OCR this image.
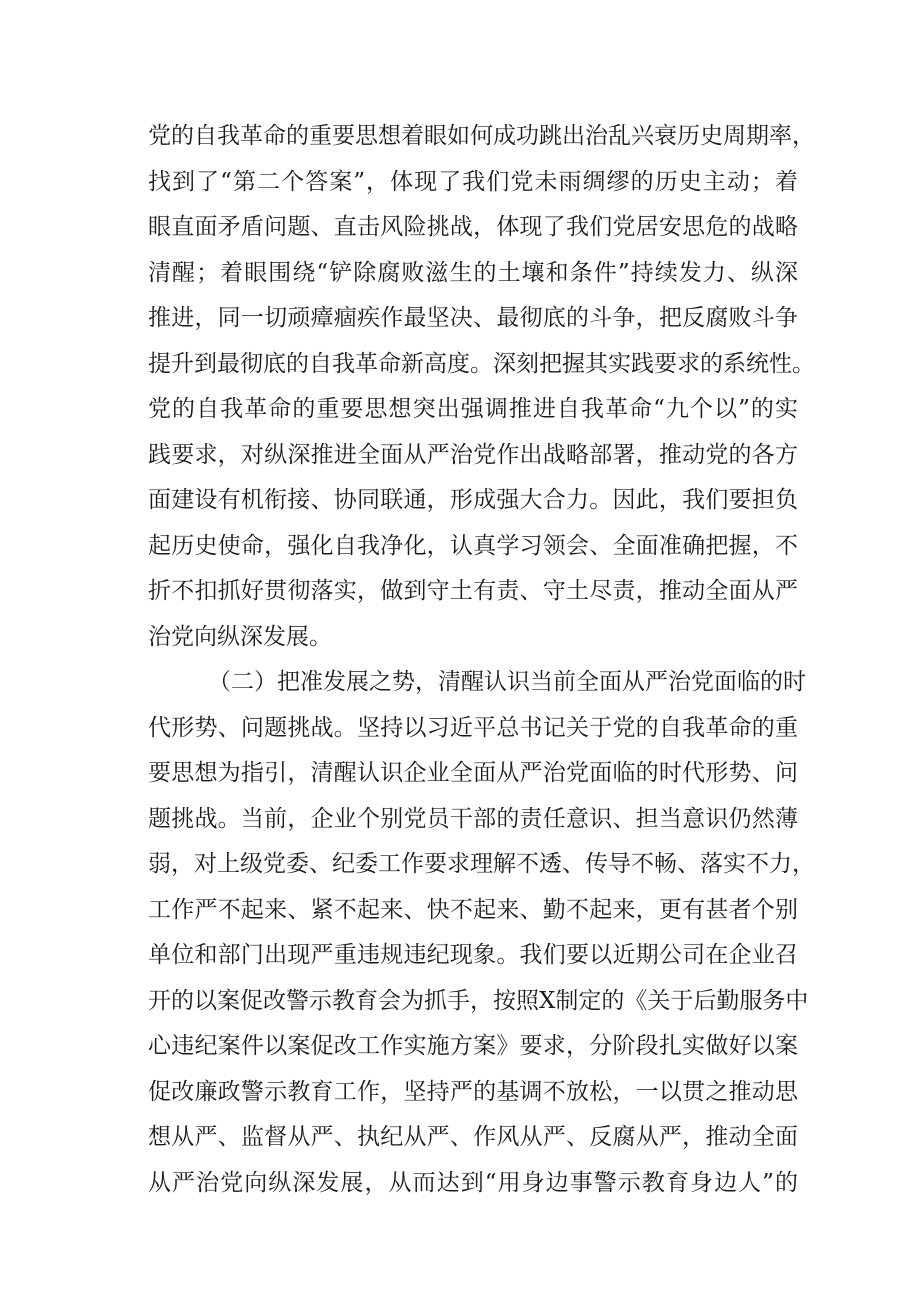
党的自我革命的重要思想着眼如何成功跳出治乱兴衰历史周期率，
找到了“第二个答案”，体现了我们党未雨绸缪的历史主动；着
眼直面矛盾问题、直击风险挑战，体现了我们党居安思危的战略
清醒；着眼围绕“铲除腐败滋生的土壤和条件”持续发力、纵深
推进，同一切顽瘴痼疾作最坚决、最彻底的斗争，把反腐败斗争
提升到最彻底的自我革命新高度。深刻把握其实践要求的系统性。
党的自我革命的重要思想突出强调推进自我革命“九个以”的实
践要求，对纵深推进全面从严治党作出战略部署，推动党的各方
面建设有机衔接、协同联通，形成强大合力。因此，我们要担负
起历史使命，强化自我净化，认真学习领会、全面准确把握，不
折不扣抓好贯彻落实，做到守土有责、守土尽责，推动全面从严
治党向纵深发展。
（二）把准发展之势，清醒认识当前全面从严治党面临的时
代形势、问题挑战。坚持以习近平总书记关于党的自我革命的重
要思想为指引，清醒认识企业全面从严治党面临的时代形势、问
题挑战。当前，企业个别党员干部的责任意识、担当意识仍然薄
弱，对上级党委、纪委工作要求理解不透、传导不畅、落实不力，
工作严不起来、紧不起来、快不起来、勤不起来，更有甚者个别
单位和部门出现严重违规违纪现象。我们要以近期公司在企业召
开的以案促改警示教育会为抓手，按照X制定的《关于后勤服务中
心违纪案件以案促改工作实施方案》要求，分阶段扎实做好以案
促改廉政警示教育工作，坚持严的基调不放松，一以贯之推动思
想从严、监督从严、执纪从严、作风从严、反腐从严，推动全面
从严治党向纵深发展，从而达到“用身边事警示教育身边人”的
